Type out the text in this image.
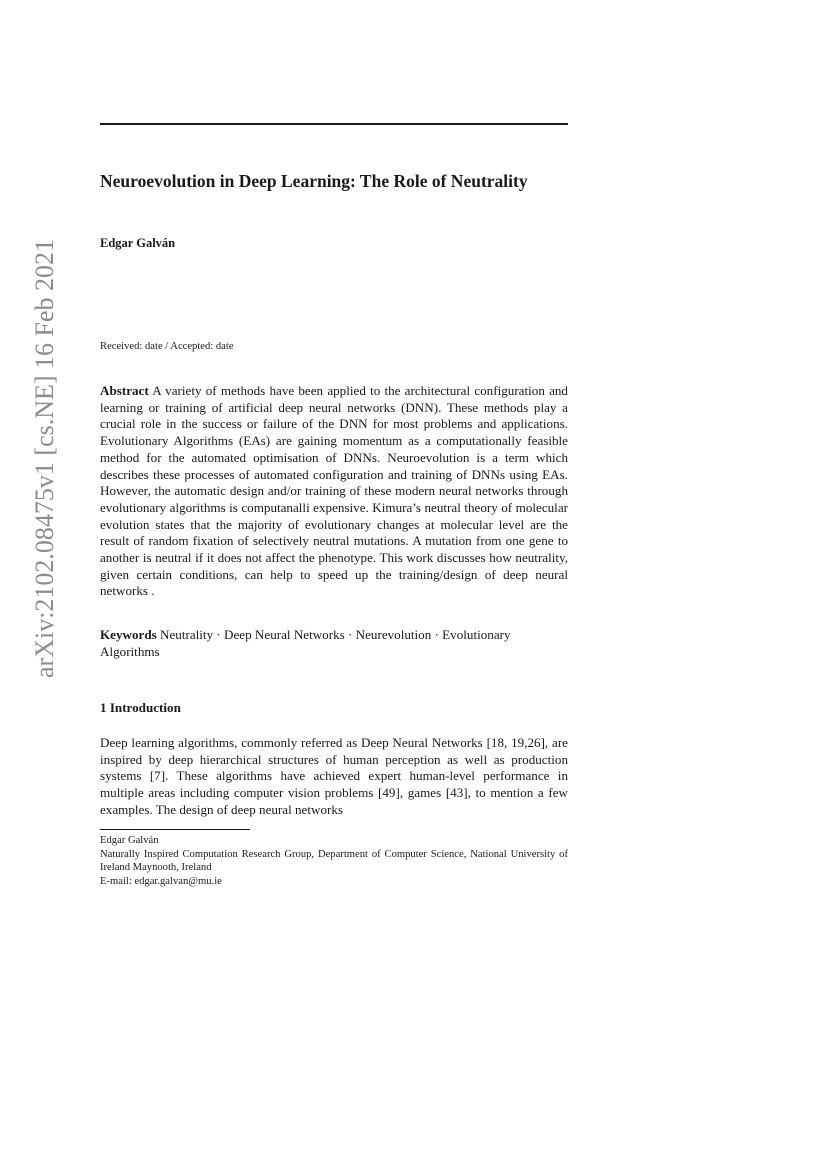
arXiv:2102.08475v1 [cs.NE] 16 Feb 2021
Neuroevolution in Deep Learning: The Role of Neutrality
Edgar Galván
Received: date / Accepted: date

Abstract A variety of methods have been applied to the architectural configuration and learning or training of artificial deep neural networks (DNN). These methods play a crucial role in the success or failure of the DNN for most problems and applications. Evolutionary Algorithms (EAs) are gaining momentum as a computationally feasible method for the automated optimisation of DNNs. Neuroevolution is a term which describes these processes of automated configuration and training of DNNs using EAs. However, the automatic design and/or training of these modern neural networks through evolutionary algorithms is computanalli expensive. Kimura’s neutral theory of molecular evolution states that the majority of evolutionary changes at molecular level are the result of random fixation of selectively neutral mutations. A mutation from one gene to another is neutral if it does not affect the phenotype. This work discusses how neutrality, given certain conditions, can help to speed up the training/design of deep neural networks .

Keywords Neutrality · Deep Neural Networks · Neurevolution · Evolutionary Algorithms

1 Introduction

Deep learning algorithms, commonly referred as Deep Neural Networks [18, 19,26], are inspired by deep hierarchical structures of human perception as well as production systems [7]. These algorithms have achieved expert human-level performance in multiple areas including computer vision problems [49], games [43], to mention a few examples. The design of deep neural networks

Edgar Galván
Naturally Inspired Computation Research Group, Department of Computer Science, National University of Ireland Maynooth, Ireland
E-mail: edgar.galvan@mu.ie
